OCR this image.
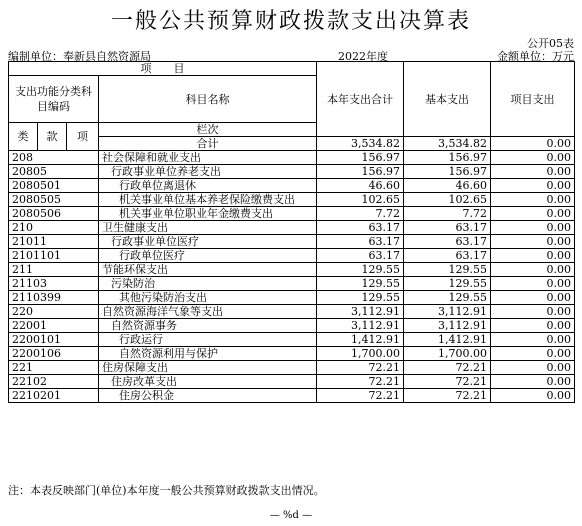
一般公共预算财政拨款支出决算表
公开05表
编制单位：奉新县自然资源局	2022年度	金额单位：万元
项　　目				本年支出合计	基本支出	项目支出	
支出功能分类科目编码			科目名称				
类	款	项	栏次			
			合计	3,534.82	3,534.82	0.00	
208			社会保障和就业支出	156.97	156.97	0.00	
20805			行政事业单位养老支出	156.97	156.97	0.00	
2080501			行政单位离退休	46.60	46.60	0.00	
2080505			机关事业单位基本养老保险缴费支出	102.65	102.65	0.00	
2080506			机关事业单位职业年金缴费支出	7.72	7.72	0.00	
210			卫生健康支出	63.17	63.17	0.00	
21011			行政事业单位医疗	63.17	63.17	0.00	
2101101			行政单位医疗	63.17	63.17	0.00	
211			节能环保支出	129.55	129.55	0.00	
21103			污染防治	129.55	129.55	0.00	
2110399			其他污染防治支出	129.55	129.55	0.00	
220			自然资源海洋气象等支出	3,112.91	3,112.91	0.00	
22001			自然资源事务	3,112.91	3,112.91	0.00	
2200101			行政运行	1,412.91	1,412.91	0.00	
2200106			自然资源利用与保护	1,700.00	1,700.00	0.00	
221			住房保障支出	72.21	72.21	0.00	
22102			住房改革支出	72.21	72.21	0.00	
2210201			住房公积金	72.21	72.21	0.00	
注：本表反映部门(单位)本年度一般公共预算财政拨款支出情况。
— %d —
